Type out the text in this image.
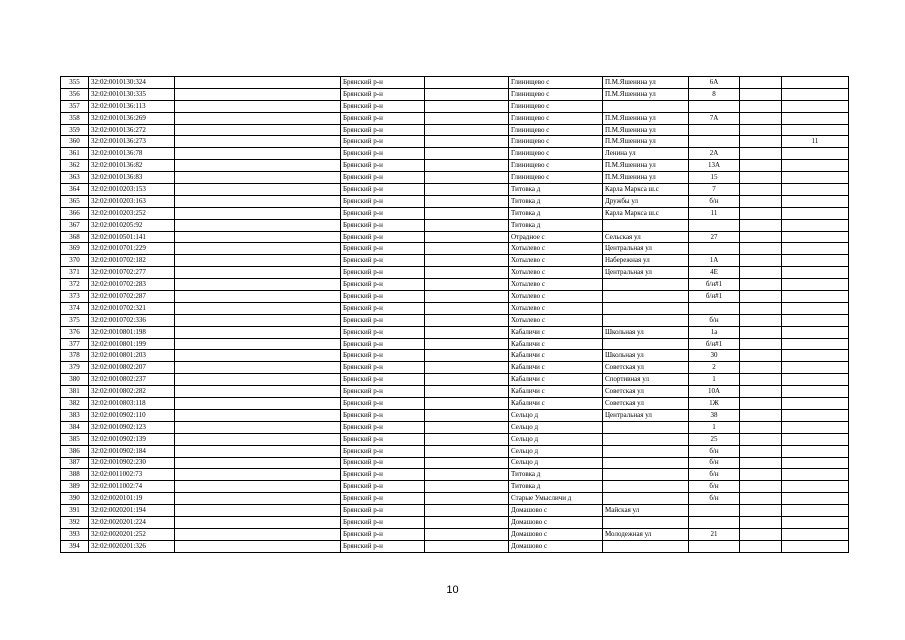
355	32:02:0010130:324		Брянский р-н		Глинищево с	П.М.Яшенина ул	6А		
356	32:02:0010130:335		Брянский р-н		Глинищево с	П.М.Яшенина ул	8		
357	32:02:0010136:113		Брянский р-н		Глинищево с				
358	32:02:0010136:269		Брянский р-н		Глинищево с	П.М.Яшенина ул	7А		
359	32:02:0010136:272		Брянский р-н		Глинищево с	П.М.Яшенина ул			
360	32:02:0010136:273		Брянский р-н		Глинищево с	П.М.Яшенина ул			11
361	32:02:0010136:78		Брянский р-н		Глинищево с	Ленина ул	2А		
362	32:02:0010136:82		Брянский р-н		Глинищево с	П.М.Яшенина ул	13А		
363	32:02:0010136:83		Брянский р-н		Глинищево с	П.М.Яшенина ул	15		
364	32:02:0010203:153		Брянский р-н		Титовка д	Карла Маркса ш.с	7		
365	32:02:0010203:163		Брянский р-н		Титовка д	Дружбы ул	б/н		
366	32:02:0010203:252		Брянский р-н		Титовка д	Карла Маркса ш.с	11		
367	32:02:0010205:92		Брянский р-н		Титовка д				
368	32:02:0010501:141		Брянский р-н		Отрадное с	Сельская ул	27		
369	32:02:0010701:229		Брянский р-н		Хотылево с	Центральная ул			
370	32:02:0010702:182		Брянский р-н		Хотылево с	Набережная ул	1А		
371	32:02:0010702:277		Брянский р-н		Хотылево с	Центральная ул	4Е		
372	32:02:0010702:283		Брянский р-н		Хотылево с		б/н#1		
373	32:02:0010702:287		Брянский р-н		Хотылево с		б/н#1		
374	32:02:0010702:321		Брянский р-н		Хотылево с				
375	32:02:0010702:336		Брянский р-н		Хотылево с		б/н		
376	32:02:0010801:198		Брянский р-н		Кабаличи с	Школьная ул	1а		
377	32:02:0010801:199		Брянский р-н		Кабаличи с		б/н#1		
378	32:02:0010801:203		Брянский р-н		Кабаличи с	Школьная ул	30		
379	32:02:0010802:207		Брянский р-н		Кабаличи с	Советская ул	2		
380	32:02:0010802:237		Брянский р-н		Кабаличи с	Спортивная ул	1		
381	32:02:0010802:282		Брянский р-н		Кабаличи с	Советская ул	10А		
382	32:02:0010803:118		Брянский р-н		Кабаличи с	Советская ул	1Ж		
383	32:02:0010902:110		Брянский р-н		Сельцо д	Центральная ул	38		
384	32:02:0010902:123		Брянский р-н		Сельцо д		1		
385	32:02:0010902:139		Брянский р-н		Сельцо д		25		
386	32:02:0010902:184		Брянский р-н		Сельцо д		б/н		
387	32:02:0010902:230		Брянский р-н		Сельцо д		б/н		
388	32:02:0011002:73		Брянский р-н		Титовка д		б/н		
389	32:02:0011002:74		Брянский р-н		Титовка д		б/н		
390	32:02:0020101:19		Брянский р-н		Старые Умысличи д		б/н		
391	32:02:0020201:194		Брянский р-н		Домашово с	Майская ул			
392	32:02:0020201:224		Брянский р-н		Домашово с				
393	32:02:0020201:252		Брянский р-н		Домашово с	Молодежная ул	21		
394	32:02:0020201:326		Брянский р-н		Домашово с				
10
